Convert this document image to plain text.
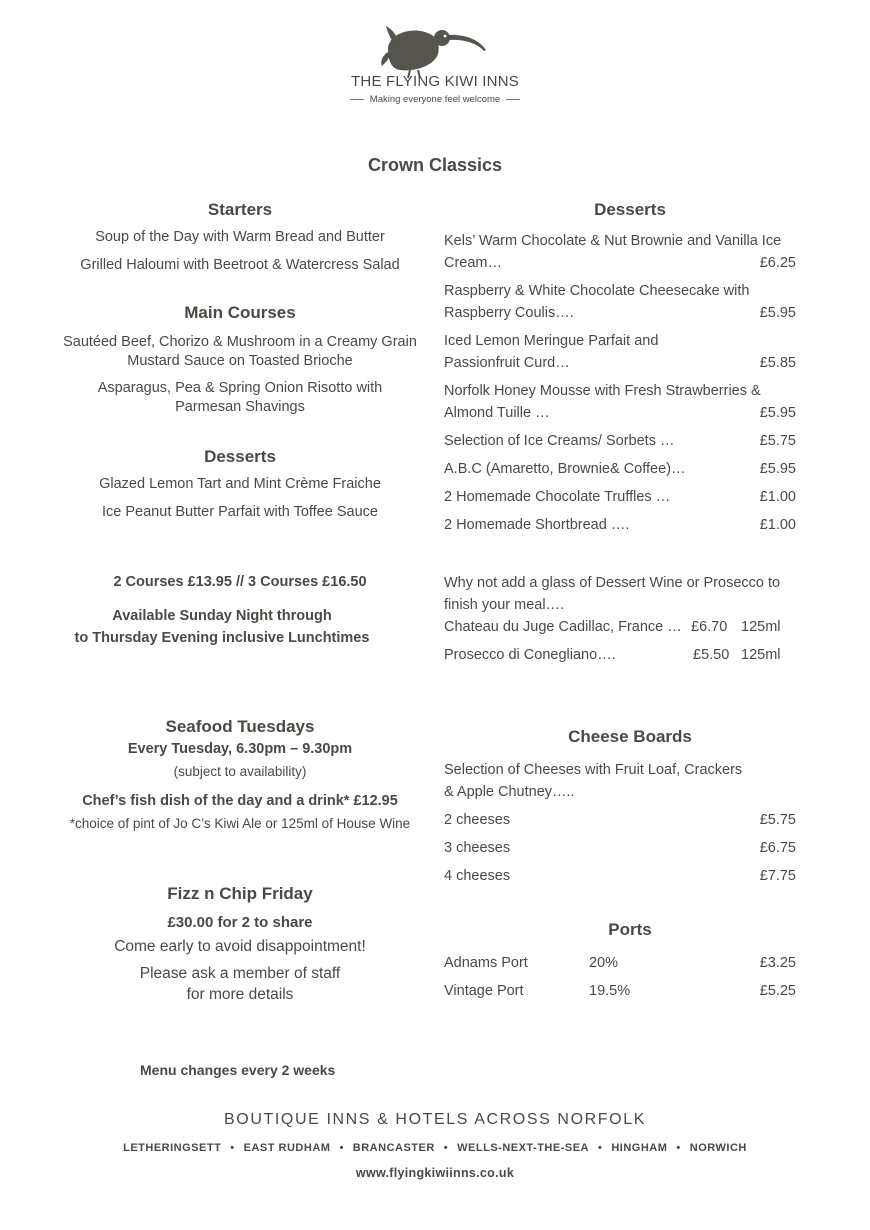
THE FLYING KIWI INNS
Making everyone feel welcome
Crown Classics
Starters
Soup of the Day with Warm Bread and Butter
Grilled Haloumi with Beetroot & Watercress Salad
Main Courses
Sautéed Beef, Chorizo & Mushroom in a Creamy Grain
Mustard Sauce on Toasted Brioche
Asparagus, Pea & Spring Onion Risotto with
Parmesan Shavings
Desserts
Glazed Lemon Tart and Mint Crème Fraiche
Ice Peanut Butter Parfait with Toffee Sauce
2 Courses £13.95 // 3 Courses £16.50
Available Sunday Night through
to Thursday Evening inclusive Lunchtimes
Seafood Tuesdays
Every Tuesday, 6.30pm – 9.30pm
(subject to availability)
Chef’s fish dish of the day and a drink* £12.95
*choice of pint of Jo C’s Kiwi Ale or 125ml of House Wine
Fizz n Chip Friday
£30.00 for 2 to share
Come early to avoid disappointment!
Please ask a member of staff
for more details
Menu changes every 2 weeks
Desserts
Kels’ Warm Chocolate & Nut Brownie and Vanilla Ice
Cream…	£6.25
Raspberry & White Chocolate Cheesecake with
Raspberry Coulis….	£5.95
Iced Lemon Meringue Parfait and
Passionfruit Curd…	£5.85
Norfolk Honey Mousse with Fresh Strawberries &
Almond Tuille …	£5.95
Selection of Ice Creams/ Sorbets …	£5.75
A.B.C (Amaretto, Brownie& Coffee)…	£5.95
2 Homemade Chocolate Truffles …	£1.00
2 Homemade Shortbread ….	£1.00
Why not add a glass of Dessert Wine or Prosecco to
finish your meal….
Chateau du Juge Cadillac, France … £6.70 125ml
Prosecco di Conegliano….	£5.50 125ml
Cheese Boards
Selection of Cheeses with Fruit Loaf, Crackers
& Apple Chutney…..
2 cheeses	£5.75
3 cheeses	£6.75
4 cheeses	£7.75
Ports
Adnams Port	20%	£3.25
Vintage Port	19.5%	£5.25
BOUTIQUE INNS & HOTELS ACROSS NORFOLK
LETHERINGSETT • EAST RUDHAM • BRANCASTER • WELLS-NEXT-THE-SEA • HINGHAM • NORWICH
www.flyingkiwiinns.co.uk
